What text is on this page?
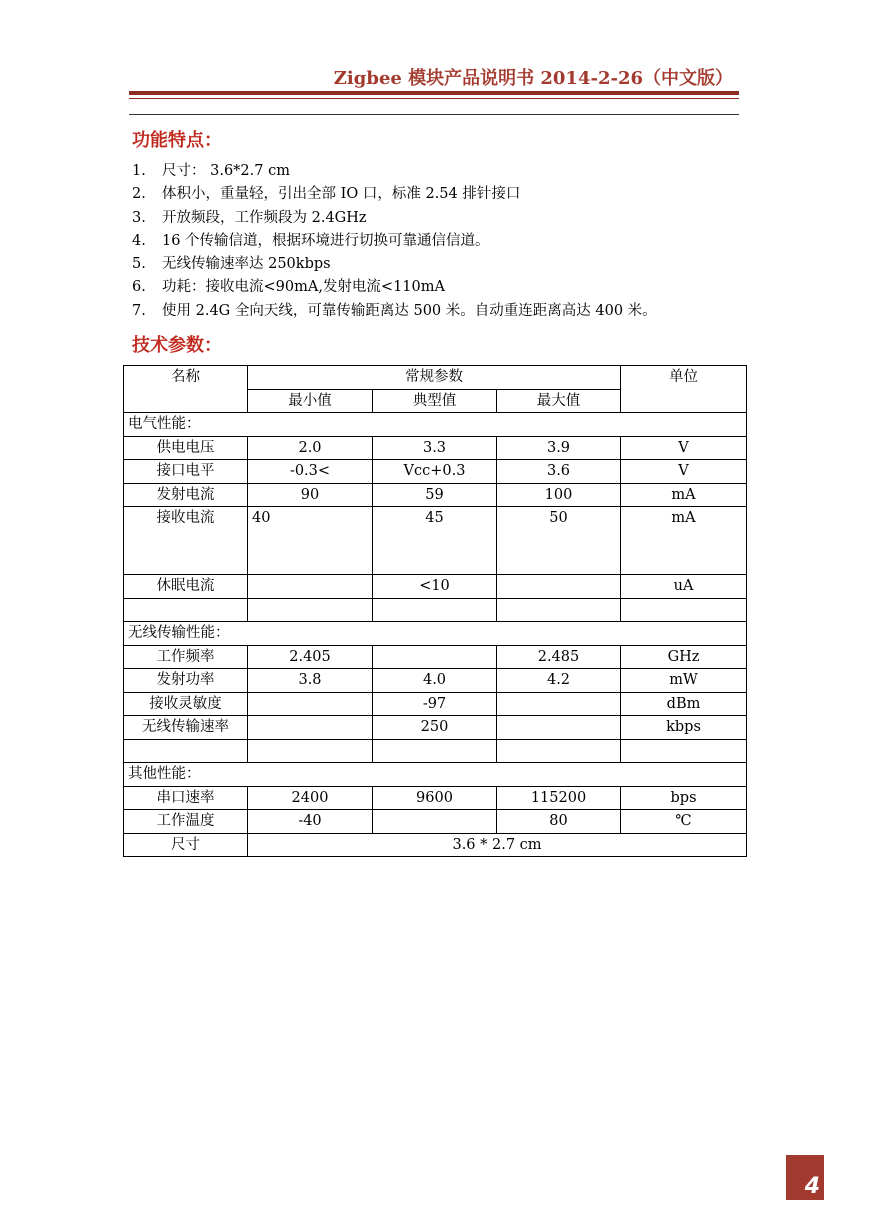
Zigbee 模块产品说明书 2014-2-26（中文版）
功能特点：
1. 尺寸： 3.6*2.7 cm
2. 体积小，重量轻，引出全部 IO 口，标准 2.54 排针接口
3. 开放频段，工作频段为 2.4GHz
4. 16 个传输信道，根据环境进行切换可靠通信信道。
5. 无线传输速率达 250kbps
6. 功耗：接收电流<90mA,发射电流<110mA
7. 使用 2.4G 全向天线，可靠传输距离达 500 米。自动重连距离高达 400 米。
技术参数：
名称	常规参数			单位
	最小值	典型值	最大值	
电气性能：				
供电电压	2.0	3.3	3.9	V
接口电平	-0.3<	Vcc+0.3	3.6	V
发射电流	90	59	100	mA
接收电流	40	45	50	mA
休眠电流		<10		uA

无线传输性能：				
工作频率	2.405		2.485	GHz
发射功率	3.8	4.0	4.2	mW
接收灵敏度		-97		dBm
无线传输速率		250		kbps

其他性能：				
串口速率	2400	9600	115200	bps
工作温度	-40		80	℃
尺寸	3.6 * 2.7 cm			
4
